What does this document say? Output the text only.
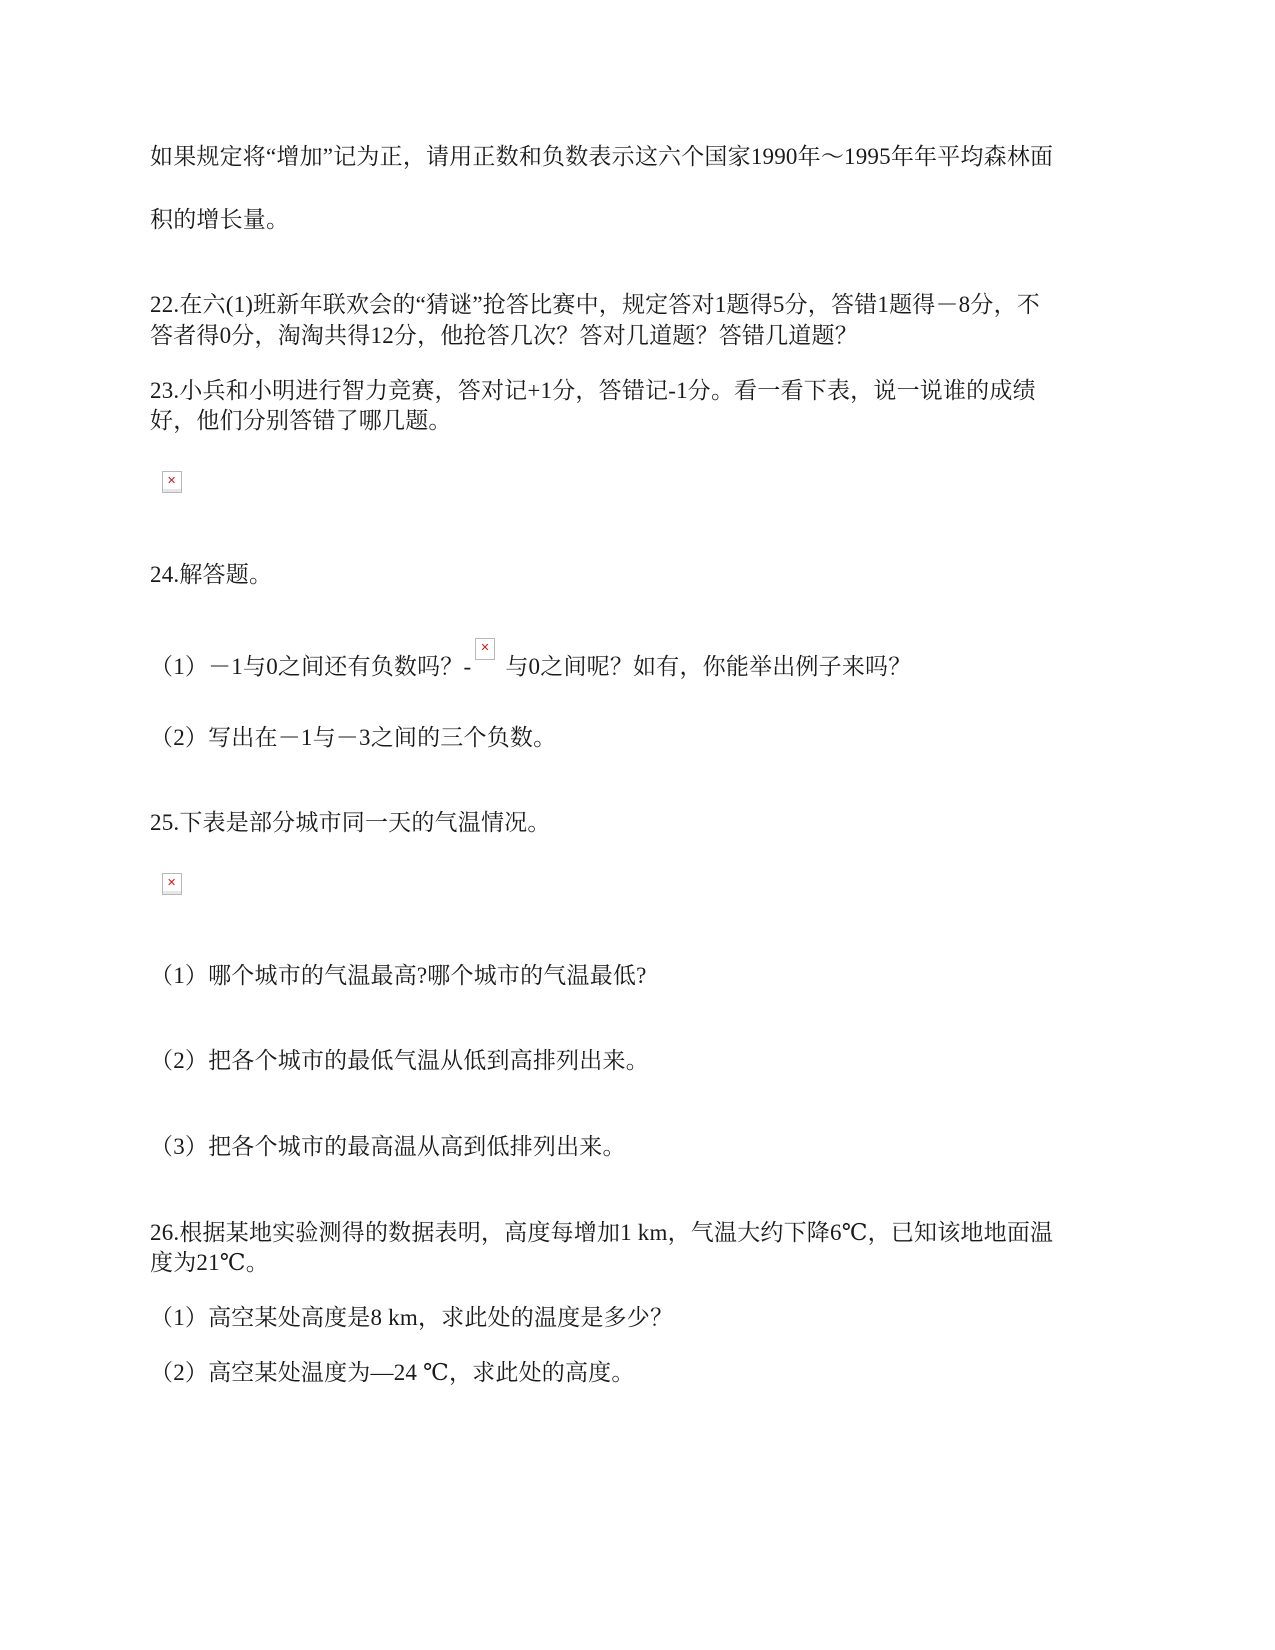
如果规定将“增加”记为正，请用正数和负数表示这六个国家1990年～1995年年平均森林面
积的增长量。
22.在六(1)班新年联欢会的“猜谜”抢答比赛中，规定答对1题得5分，答错1题得－8分，不
答者得0分，淘淘共得12分，他抢答几次？答对几道题？答错几道题？
23.小兵和小明进行智力竞赛，答对记+1分，答错记-1分。看一看下表，说一说谁的成绩
好，他们分别答错了哪几题。
✕
24.解答题。
（1）－1与0之间还有负数吗？-
✕
与0之间呢？如有，你能举出例子来吗？
（2）写出在－1与－3之间的三个负数。
25.下表是部分城市同一天的气温情况。
✕
（1）哪个城市的气温最高?哪个城市的气温最低?
（2）把各个城市的最低气温从低到高排列出来。
（3）把各个城市的最高温从高到低排列出来。
26.根据某地实验测得的数据表明，高度每增加1 km，气温大约下降6℃，已知该地地面温
度为21℃。
（1）高空某处高度是8 km，求此处的温度是多少？
（2）高空某处温度为—24 ℃，求此处的高度。
